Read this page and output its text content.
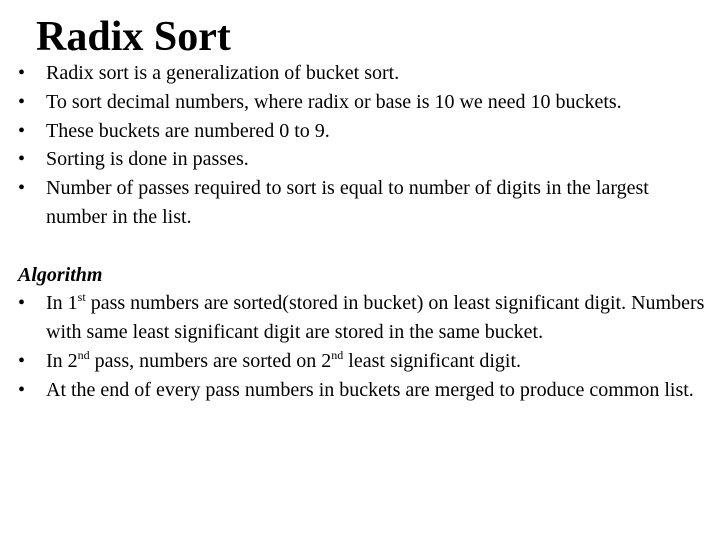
Radix Sort
•	Radix sort is a generalization of bucket sort.
•	To sort decimal numbers, where radix or base is 10 we need 10 buckets.
•	These buckets are numbered 0 to 9.
•	Sorting is done in passes.
•	Number of passes required to sort is equal to number of digits in the largest number in the list.

Algorithm

•	In 1st pass numbers are sorted(stored in bucket) on least significant digit. Numbers with same least significant digit are stored in the same bucket.
•	In 2nd pass, numbers are sorted on 2nd least significant digit.
•	At the end of every pass numbers in buckets are merged to produce common list.
